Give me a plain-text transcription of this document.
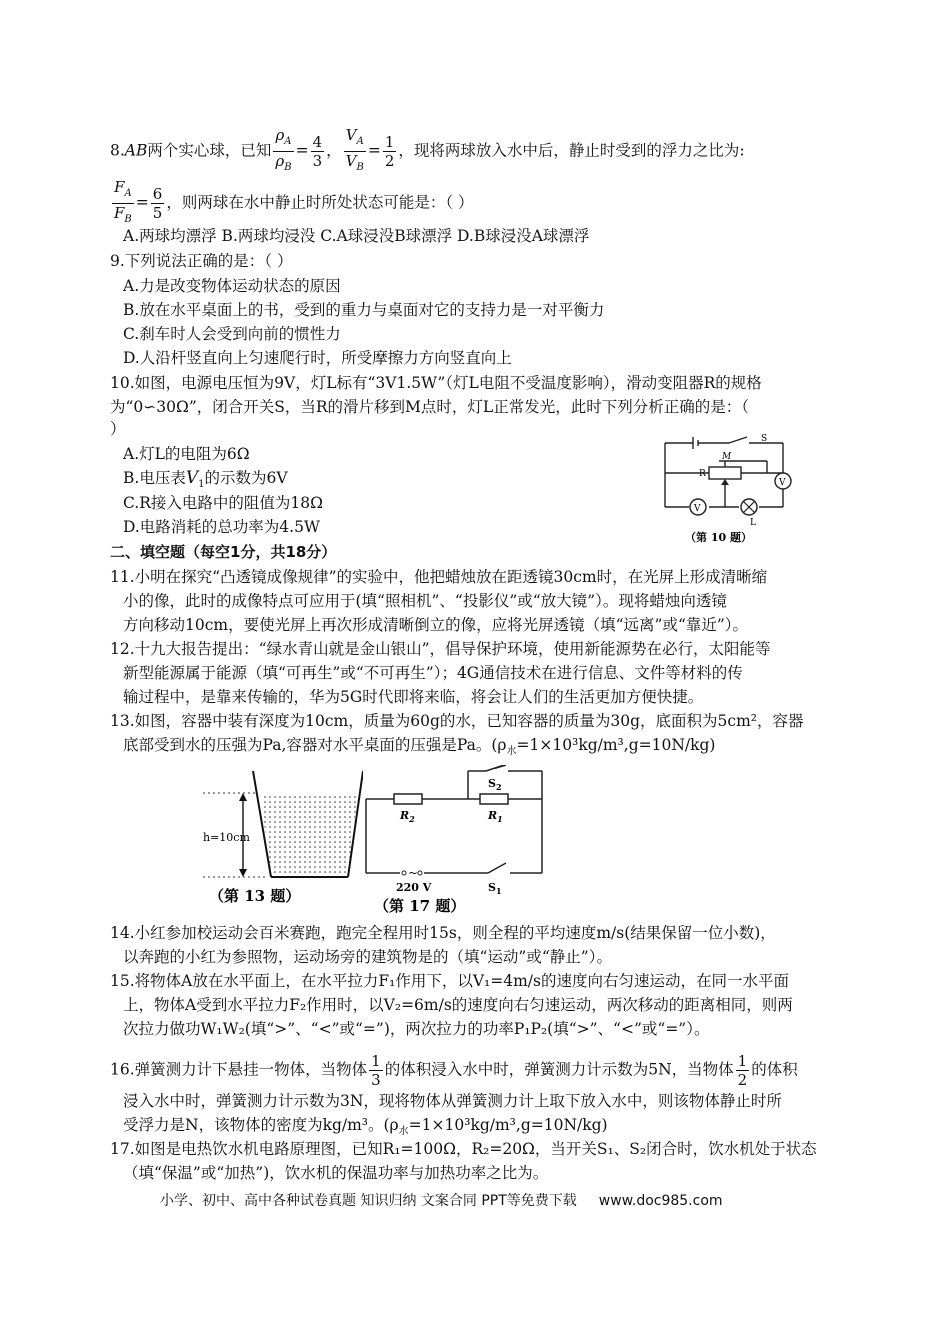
8.AB两个实心球，已知 $\frac{\rho_A}{\rho_B} = \frac{4}{3}$ ， $\frac{V_A}{V_B} = \frac{1}{2}$ ，现将两球放入水中后，静止时受到的浮力之比为:
$\frac{F_A}{F_B} = \frac{6}{5}$ ，则两球在水中静止时所处状态可能是：（ ）
A.两球均漂浮 B.两球均浸没 C.A球浸没B球漂浮 D.B球浸没A球漂浮
9.下列说法正确的是：（ ）
A.力是改变物体运动状态的原因
B.放在水平桌面上的书，受到的重力与桌面对它的支持力是一对平衡力
C.刹车时人会受到向前的惯性力
D.人沿杆竖直向上匀速爬行时，所受摩擦力方向竖直向上
10.如图，电源电压恒为9V，灯L标有“3V1.5W”（灯L电阻不受温度影响），滑动变阻器R的规格
为“0∽30Ω”，闭合开关S，当R的滑片移到M点时，灯L正常发光，此时下列分析正确的是：（
）
A.灯L的电阻为6Ω
B.电压表$V_1$的示数为6V
C.R接入电路中的阻值为18Ω
D.电路消耗的总功率为4.5W
V
V
S
R
M
L
（第 10 题）
二、填空题（每空1分，共18分）
11.小明在探究“凸透镜成像规律”的实验中，他把蜡烛放在距透镜30cm时，在光屏上形成清晰缩
小的像，此时的成像特点可应用于(填“照相机”、“投影仪”或“放大镜”）。现将蜡烛向透镜
方向移动10cm，要使光屏上再次形成清晰倒立的像，应将光屏透镜（填“远离”或“靠近”）。
12.十九大报告提出：“绿水青山就是金山银山”，倡导保护环境，使用新能源势在必行，太阳能等
新型能源属于能源（填“可再生”或“不可再生”）；4G通信技术在进行信息、文件等材料的传
输过程中，是靠来传输的，华为5G时代即将来临，将会让人们的生活更加方便快捷。
13.如图，容器中装有深度为10cm，质量为60g的水，已知容器的质量为30g，底面积为5cm²，容器
底部受到水的压强为Pa,容器对水平桌面的压强是Pa。$(\rho_水=1\times 10^3kg/m^3,g=10N/kg)$
h=10cm
（第 13 题）
~
$S_2$
$R_2$	$R_1$
$S_1$
220 V
（第 17 题）
14.小红参加校运动会百米赛跑，跑完全程用时15s，则全程的平均速度m/s(结果保留一位小数)，
以奔跑的小红为参照物，运动场旁的建筑物是的（填“运动”或“静止”）。
15.将物体A放在水平面上，在水平拉力F₁作用下，以V₁=4m/s的速度向右匀速运动，在同一水平面
上，物体A受到水平拉力F₂作用时，以V₂=6m/s的速度向右匀速运动，两次移动的距离相同，则两
次拉力做功W₁W₂(填“>”、“<”或“=”)，两次拉力的功率P₁P₂(填“>”、“<”或“=”）。
16.弹簧测力计下悬挂一物体，当物体 $\frac{1}{3}$ 的体积浸入水中时，弹簧测力计示数为5N，当物体 $\frac{1}{2}$ 的体积
浸入水中时，弹簧测力计示数为3N，现将物体从弹簧测力计上取下放入水中，则该物体静止时所
受浮力是N，该物体的密度为kg/m³。$(\rho_水=1\times 10^3kg/m^3,g=10N/kg)$
17.如图是电热饮水机电路原理图，已知R₁=100Ω，R₂=20Ω，当开关S₁、S₂闭合时，饮水机处于状态
（填“保温”或“加热”)，饮水机的保温功率与加热功率之比为。
小学、初中、高中各种试卷真题 知识归纳 文案合同 PPT等免费下载 www.doc985.com
